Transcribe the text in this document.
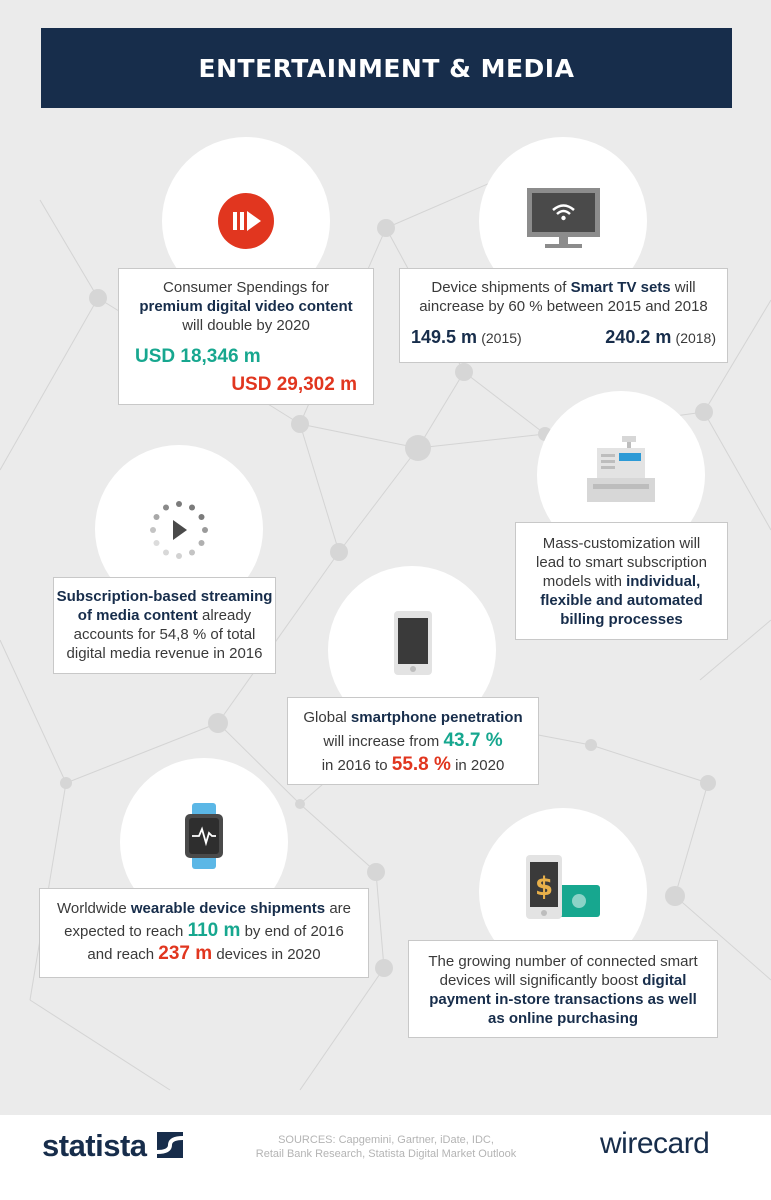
ENTERTAINMENT & MEDIA

Consumer Spendings for

premium digital video content

will double by 2020

USD 18,346 m

USD 29,302 m

Device shipments of Smart TV sets will

aincrease by 60 % between 2015 and 2018

149.5 m (2015)	240.2 m (2018)

Mass-customization will

lead to smart subscription

models with individual,

flexible and automated

billing processes

Subscription-based streaming

of media content already

accounts for 54,8 % of total

digital media revenue in 2016

Global smartphone penetration

will increase from 43.7 %

in 2016 to 55.8 % in 2020

Worldwide wearable device shipments are

expected to reach 110 m by end of 2016

and reach 237 m devices in 2020

$

The growing number of connected smart

devices will significantly boost digital

payment in-store transactions as well

as online purchasing

statista	SOURCES: Capgemini, Gartner, iDate, IDC,
Retail Bank Research, Statista Digital Market Outlook	wirecard
